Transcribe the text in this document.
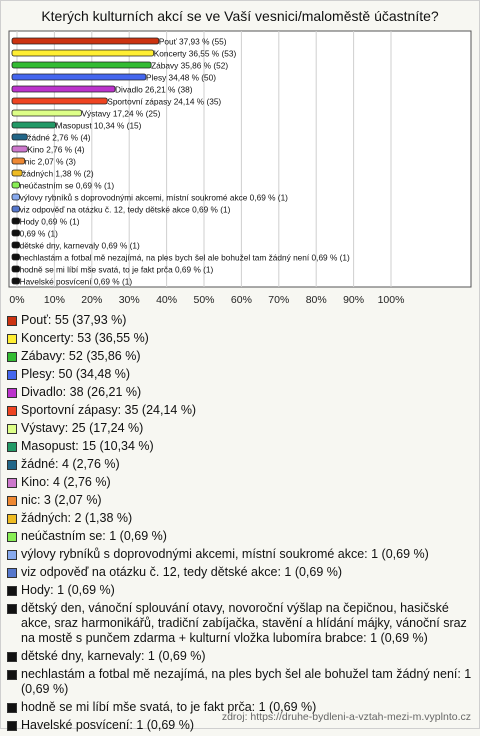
Kterých kulturních akcí se ve Vaší vesnici/maloměstě účastníte?
0% 10% 20% 30% 40% 50% 60% 70% 80% 90% 100%
Pouť 37,93 % (55)
Koncerty 36,55 % (53)
Zábavy 35,86 % (52)
Plesy 34,48 % (50)
Divadlo 26,21 % (38)
Sportovní zápasy 24,14 % (35)
Výstavy 17,24 % (25)
Masopust 10,34 % (15)
žádné 2,76 % (4)
Kino 2,76 % (4)
nic 2,07 % (3)
žádných 1,38 % (2)
neúčastním se 0,69 % (1)
výlovy rybníků s doprovodnými akcemi, místní soukromé akce 0,69 % (1)
viz odpověď na otázku č. 12, tedy dětské akce 0,69 % (1)
Hody 0,69 % (1)
0,69 % (1)
dětské dny, karnevaly 0,69 % (1)
nechlastám a fotbal mě nezajímá, na ples bych šel ale bohužel tam žádný není 0,69 % (1)
hodně se mi líbí mše svatá, to je fakt prča 0,69 % (1)
Havelské posvícení 0,69 % (1)
Pouť: 55 (37,93 %)
Koncerty: 53 (36,55 %)
Zábavy: 52 (35,86 %)
Plesy: 50 (34,48 %)
Divadlo: 38 (26,21 %)
Sportovní zápasy: 35 (24,14 %)
Výstavy: 25 (17,24 %)
Masopust: 15 (10,34 %)
žádné: 4 (2,76 %)
Kino: 4 (2,76 %)
nic: 3 (2,07 %)
žádných: 2 (1,38 %)
neúčastním se: 1 (0,69 %)
výlovy rybníků s doprovodnými akcemi, místní soukromé akce: 1 (0,69 %)
viz odpověď na otázku č. 12, tedy dětské akce: 1 (0,69 %)
Hody: 1 (0,69 %)
dětský den, vánoční splouvání otavy, novoroční výšlap na čepičnou, hasičské akce, sraz harmonikářů, tradiční zabíjačka, stavění a hlídání májky, vánoční sraz na mostě s punčem zdarma + kulturní vložka lubomíra brabce: 1 (0,69 %)
dětské dny, karnevaly: 1 (0,69 %)
nechlastám a fotbal mě nezajímá, na ples bych šel ale bohužel tam žádný není: 1 (0,69 %)
hodně se mi líbí mše svatá, to je fakt prča: 1 (0,69 %)
Havelské posvícení: 1 (0,69 %)
zdroj: https://druhe-bydleni-a-vztah-mezi-m.vyplnto.cz
